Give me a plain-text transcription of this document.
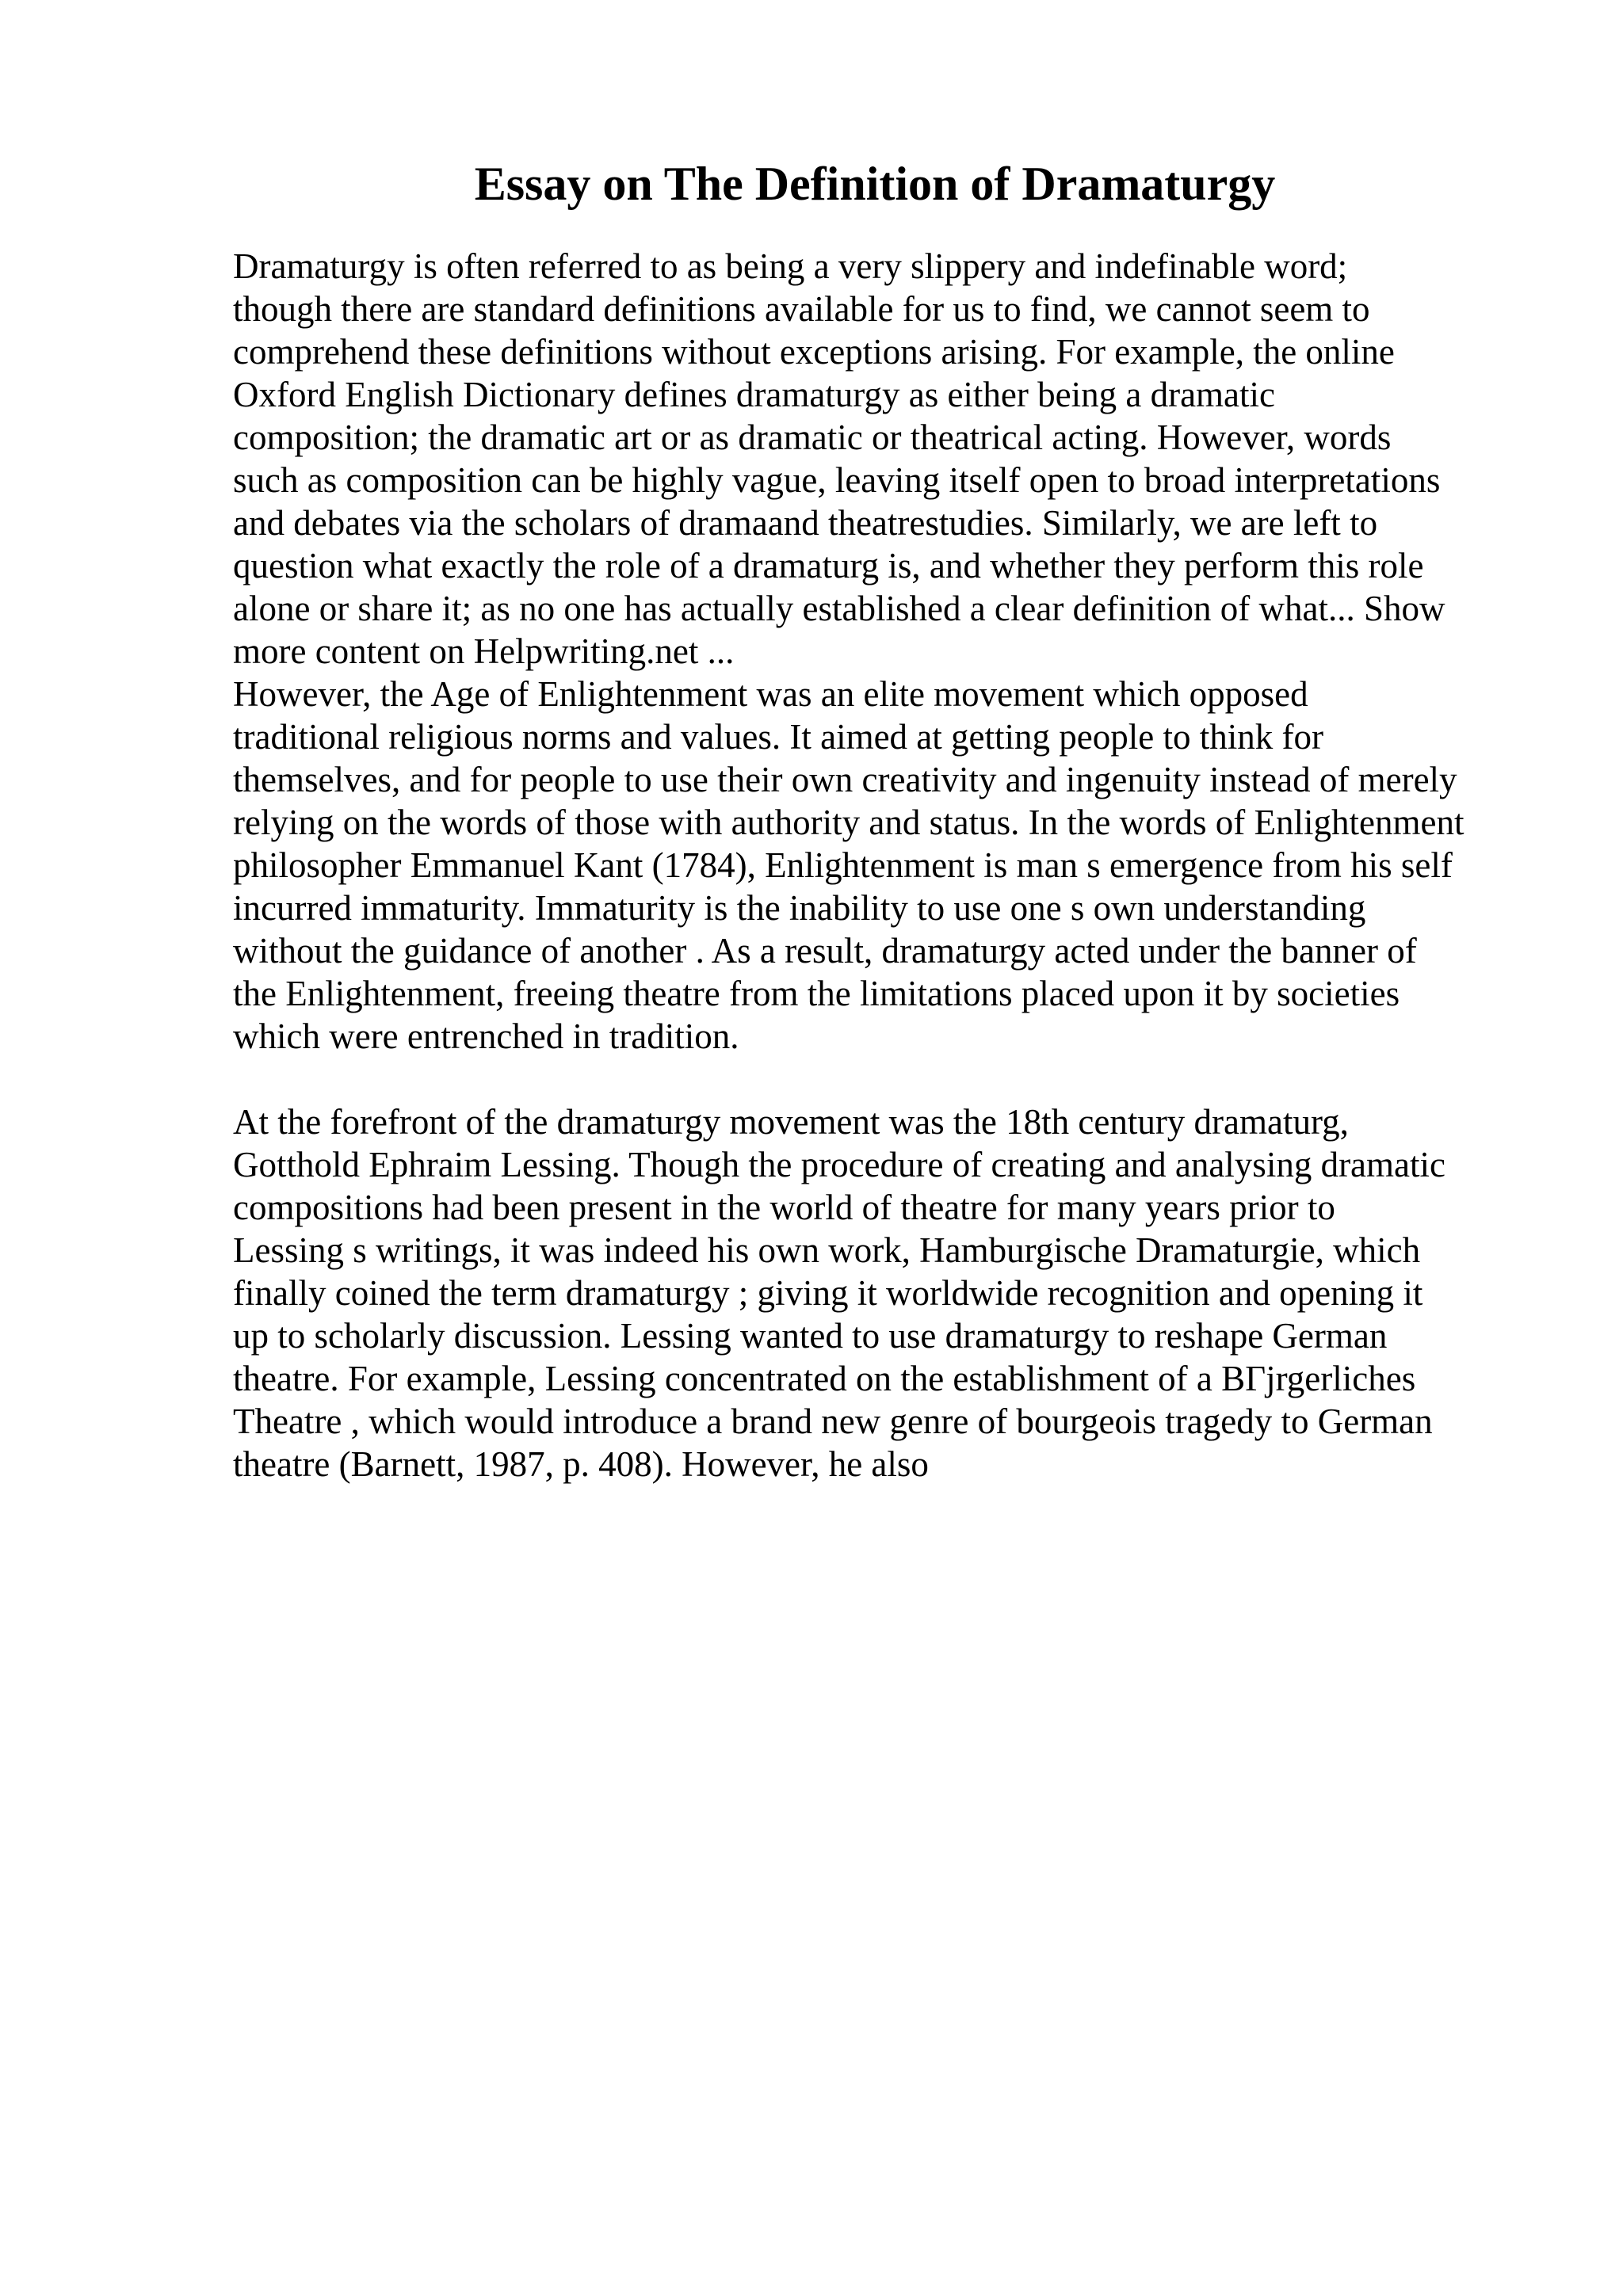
Essay on The Definition of Dramaturgy
Dramaturgy is often referred to as being a very slippery and indefinable word;
though there are standard definitions available for us to find, we cannot seem to
comprehend these definitions without exceptions arising. For example, the online
Oxford English Dictionary defines dramaturgy as either being a dramatic
composition; the dramatic art or as dramatic or theatrical acting. However, words
such as composition can be highly vague, leaving itself open to broad interpretations
and debates via the scholars of dramaand theatrestudies. Similarly, we are left to
question what exactly the role of a dramaturg is, and whether they perform this role
alone or share it; as no one has actually established a clear definition of what... Show
more content on Helpwriting.net ...
However, the Age of Enlightenment was an elite movement which opposed
traditional religious norms and values. It aimed at getting people to think for
themselves, and for people to use their own creativity and ingenuity instead of merely
relying on the words of those with authority and status. In the words of Enlightenment
philosopher Emmanuel Kant (1784), Enlightenment is man s emergence from his self
incurred immaturity. Immaturity is the inability to use one s own understanding
without the guidance of another . As a result, dramaturgy acted under the banner of
the Enlightenment, freeing theatre from the limitations placed upon it by societies
which were entrenched in tradition.
At the forefront of the dramaturgy movement was the 18th century dramaturg,
Gotthold Ephraim Lessing. Though the procedure of creating and analysing dramatic
compositions had been present in the world of theatre for many years prior to
Lessing s writings, it was indeed his own work, Hamburgische Dramaturgie, which
finally coined the term dramaturgy ; giving it worldwide recognition and opening it
up to scholarly discussion. Lessing wanted to use dramaturgy to reshape German
theatre. For example, Lessing concentrated on the establishment of a BΓjrgerliches
Theatre , which would introduce a brand new genre of bourgeois tragedy to German
theatre (Barnett, 1987, p. 408). However, he also
